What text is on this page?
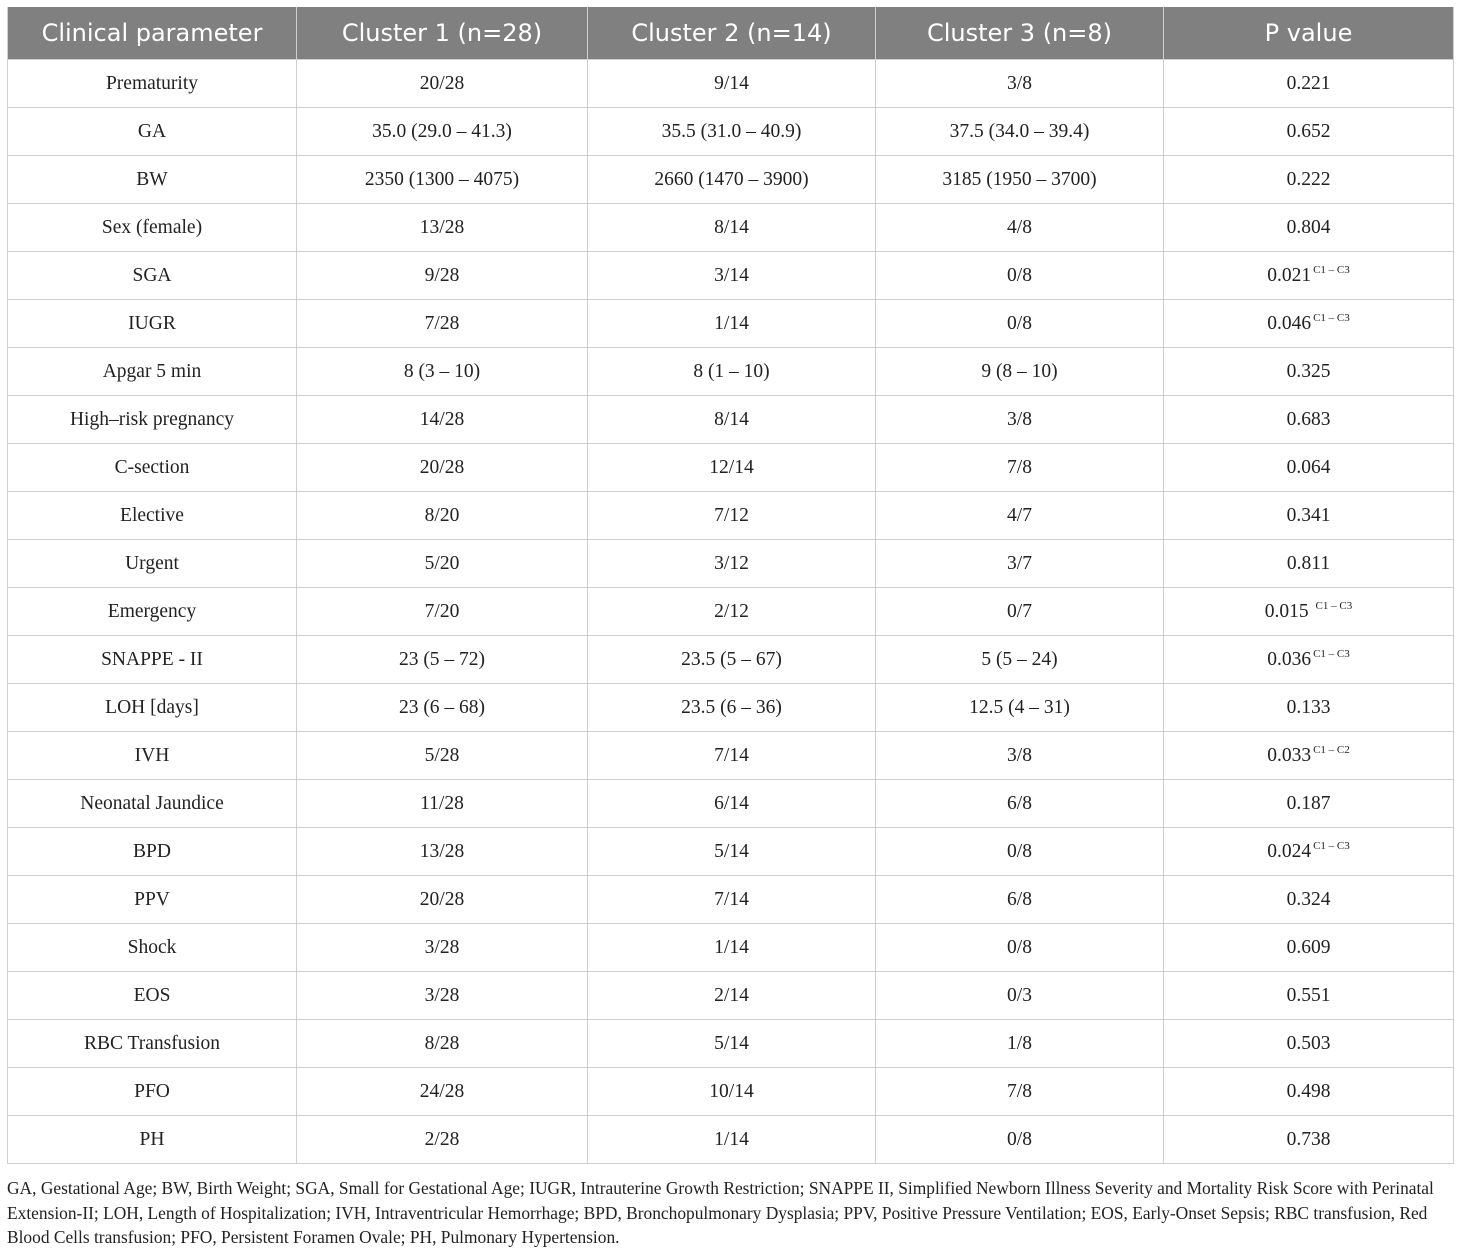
Clinical parameter	Cluster 1 (n=28)	Cluster 2 (n=14)	Cluster 3 (n=8)	P value
Prematurity	20/28	9/14	3/8	0.221
GA	35.0 (29.0 – 41.3)	35.5 (31.0 – 40.9)	37.5 (34.0 – 39.4)	0.652
BW	2350 (1300 – 4075)	2660 (1470 – 3900)	3185 (1950 – 3700)	0.222
Sex (female)	13/28	8/14	4/8	0.804
SGA	9/28	3/14	0/8	0.021 $^{C1 - C3}$
IUGR	7/28	1/14	0/8	0.046 $^{C1 - C3}$
Apgar 5 min	8 (3 – 10)	8 (1 – 10)	9 (8 – 10)	0.325
High–risk pregnancy	14/28	8/14	3/8	0.683
C-section	20/28	12/14	7/8	0.064
Elective	8/20	7/12	4/7	0.341
Urgent	5/20	3/12	3/7	0.811
Emergency	7/20	2/12	0/7	0.015 $^{C1 - C3}$
SNAPPE - II	23 (5 – 72)	23.5 (5 – 67)	5 (5 – 24)	0.036 $^{C1 - C3}$
LOH [days]	23 (6 – 68)	23.5 (6 – 36)	12.5 (4 – 31)	0.133
IVH	5/28	7/14	3/8	0.033 $^{C1 - C2}$
Neonatal Jaundice	11/28	6/14	6/8	0.187
BPD	13/28	5/14	0/8	0.024 $^{C1 - C3}$
PPV	20/28	7/14	6/8	0.324
Shock	3/28	1/14	0/8	0.609
EOS	3/28	2/14	0/3	0.551
RBC Transfusion	8/28	5/14	1/8	0.503
PFO	24/28	10/14	7/8	0.498
PH	2/28	1/14	0/8	0.738
GA, Gestational Age; BW, Birth Weight; SGA, Small for Gestational Age; IUGR, Intrauterine Growth Restriction; SNAPPE II, Simplified Newborn Illness Severity and Mortality Risk Score with Perinatal Extension-II; LOH, Length of Hospitalization; IVH, Intraventricular Hemorrhage; BPD, Bronchopulmonary Dysplasia; PPV, Positive Pressure Ventilation; EOS, Early-Onset Sepsis; RBC transfusion, Red Blood Cells transfusion; PFO, Persistent Foramen Ovale; PH, Pulmonary Hypertension.
